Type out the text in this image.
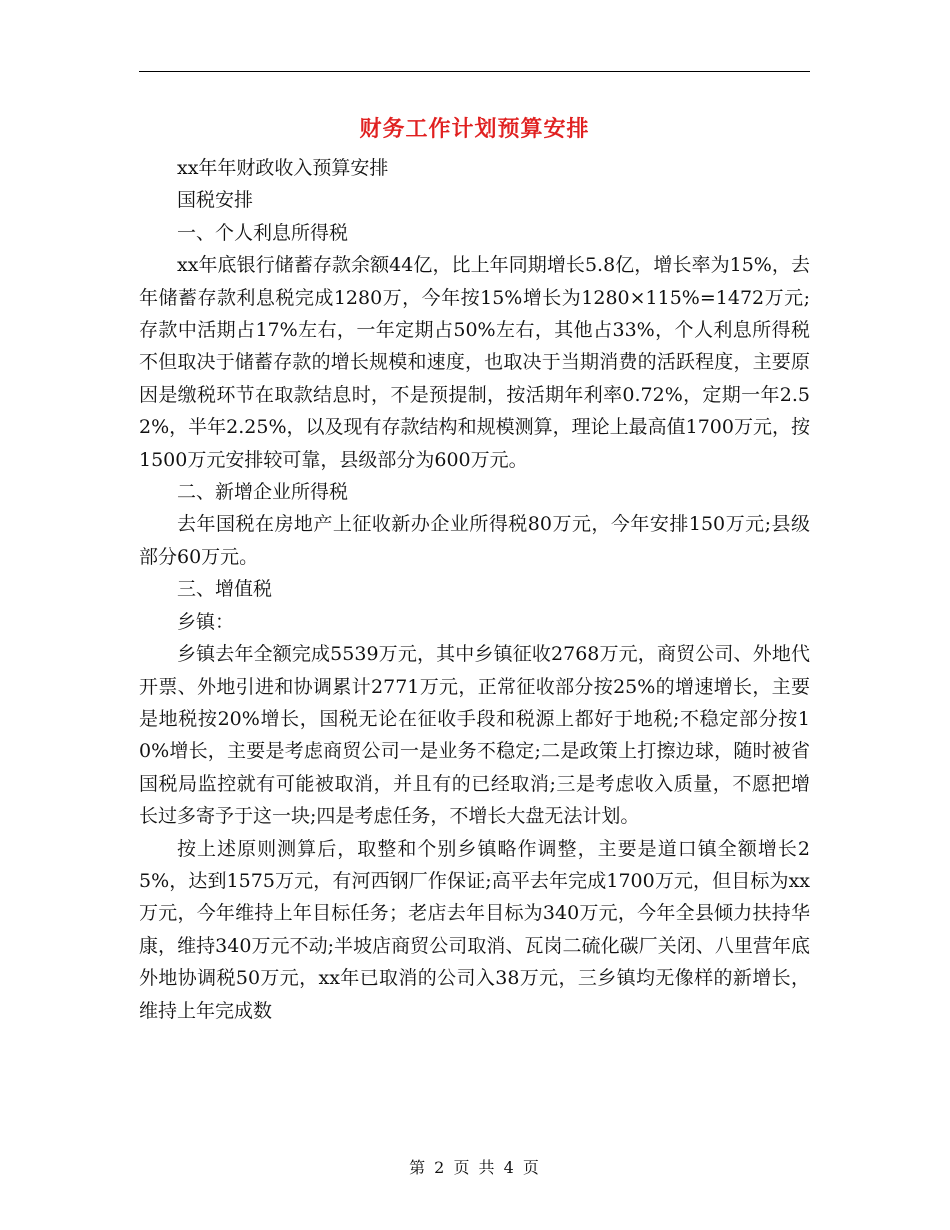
财务工作计划预算安排

xx年年财政收入预算安排

国税安排

一、个人利息所得税

xx年底银行储蓄存款余额44亿，比上年同期增长5.8亿，增长率为15%，去年储蓄存款利息税完成1280万，今年按15%增长为1280×115%=1472万元;存款中活期占17%左右，一年定期占50%左右，其他占33%，个人利息所得税不但取决于储蓄存款的增长规模和速度，也取决于当期消费的活跃程度，主要原因是缴税环节在取款结息时，不是预提制，按活期年利率0.72%，定期一年2.52%，半年2.25%，以及现有存款结构和规模测算，理论上最高值1700万元，按1500万元安排较可靠，县级部分为600万元。

二、新增企业所得税

去年国税在房地产上征收新办企业所得税80万元，今年安排150万元;县级部分60万元。

三、增值税

乡镇：

乡镇去年全额完成5539万元，其中乡镇征收2768万元，商贸公司、外地代开票、外地引进和协调累计2771万元，正常征收部分按25%的增速增长，主要是地税按20%增长，国税无论在征收手段和税源上都好于地税;不稳定部分按10%增长，主要是考虑商贸公司一是业务不稳定;二是政策上打擦边球，随时被省国税局监控就有可能被取消，并且有的已经取消;三是考虑收入质量，不愿把增长过多寄予于这一块;四是考虑任务，不增长大盘无法计划。

按上述原则测算后，取整和个别乡镇略作调整，主要是道口镇全额增长25%，达到1575万元，有河西钢厂作保证;高平去年完成1700万元，但目标为xx万元，今年维持上年目标任务；老店去年目标为340万元，今年全县倾力扶持华康，维持340万元不动;半坡店商贸公司取消、瓦岗二硫化碳厂关闭、八里营年底外地协调税50万元，xx年已取消的公司入38万元，三乡镇均无像样的新增长，维持上年完成数

第 2 页 共 4 页
